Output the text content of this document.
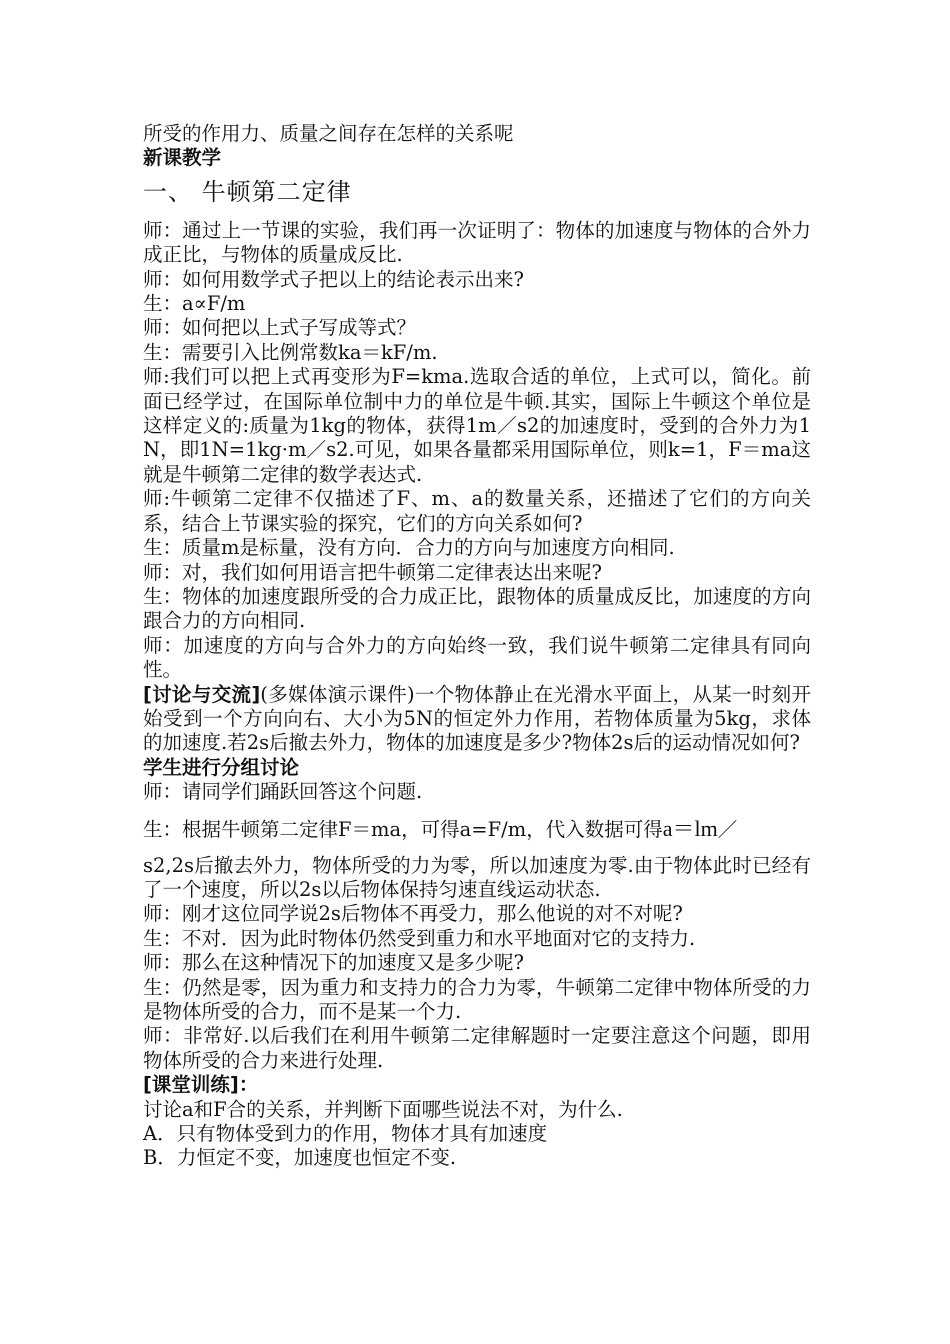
所受的作用力、质量之间存在怎样的关系呢

新课教学

一、 牛顿第二定律

师：通过上一节课的实验，我们再一次证明了：物体的加速度与物体的合外力成正比，与物体的质量成反比.

师：如何用数学式子把以上的结论表示出来?

生：a∝F/m

师：如何把以上式子写成等式？

生：需要引入比例常数ka＝kF/m.

师:我们可以把上式再变形为F=kma.选取合适的单位，上式可以，简化。前面已经学过，在国际单位制中力的单位是牛顿.其实，国际上牛顿这个单位是这样定义的:质量为1kg的物体，获得1m／s2的加速度时，受到的合外力为1N，即1N=1kg·m／s2.可见，如果各量都采用国际单位，则k=1，F＝ma这就是牛顿第二定律的数学表达式.

师:牛顿第二定律不仅描述了F、m、a的数量关系，还描述了它们的方向关系，结合上节课实验的探究，它们的方向关系如何?

生：质量m是标量，没有方向．合力的方向与加速度方向相同.

师：对，我们如何用语言把牛顿第二定律表达出来呢?

生：物体的加速度跟所受的合力成正比，跟物体的质量成反比，加速度的方向跟合力的方向相同.

师：加速度的方向与合外力的方向始终一致，我们说牛顿第二定律具有同向性。

[讨论与交流](多媒体演示课件)一个物体静止在光滑水平面上，从某一时刻开始受到一个方向向右、大小为5N的恒定外力作用，若物体质量为5kg，求体的加速度.若2s后撤去外力，物体的加速度是多少?物体2s后的运动情况如何?

学生进行分组讨论

师：请同学们踊跃回答这个问题.

生：根据牛顿第二定律F＝ma，可得a=F/m，代入数据可得a＝lm／

s2,2s后撤去外力，物体所受的力为零，所以加速度为零.由于物体此时已经有了一个速度，所以2s以后物体保持匀速直线运动状态.

师：刚才这位同学说2s后物体不再受力，那么他说的对不对呢?

生：不对．因为此时物体仍然受到重力和水平地面对它的支持力.

师：那么在这种情况下的加速度又是多少呢?

生：仍然是零，因为重力和支持力的合力为零，牛顿第二定律中物体所受的力是物体所受的合力，而不是某一个力.

师：非常好.以后我们在利用牛顿第二定律解题时一定要注意这个问题，即用物体所受的合力来进行处理.

[课堂训练]：

讨论a和F合的关系，并判断下面哪些说法不对，为什么.

A．只有物体受到力的作用，物体才具有加速度

B．力恒定不变，加速度也恒定不变.
